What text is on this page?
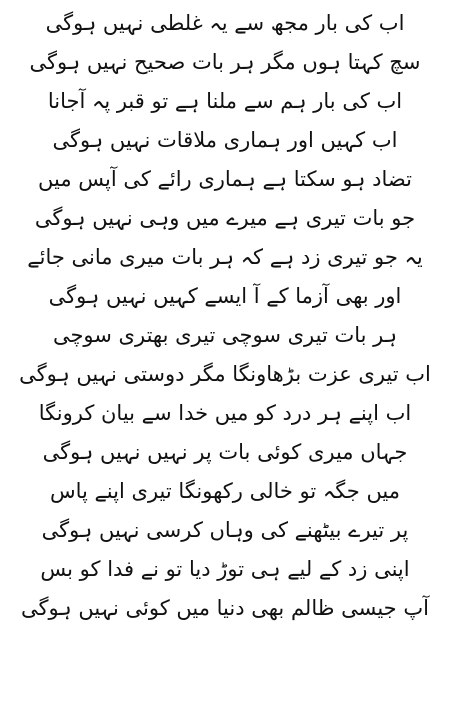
اب کی بار مجھ سے یہ غلطی نہیں ہوگی
سچ کہتا ہوں مگر ہر بات صحیح نہیں ہوگی
اب کی بار ہم سے ملنا ہے تو قبر پہ آجانا
اب کہیں اور ہماری ملاقات نہیں ہوگی
تضاد ہو سکتا ہے ہماری رائے کی آپس میں
جو بات تیری ہے میرے میں وہی نہیں ہوگی
یہ جو تیری زد ہے کہ ہر بات میری مانی جائے
اور بھی آزما کے آ ایسے کہیں نہیں ہوگی
ہر بات تیری سوچی تیری بھتری سوچی
اب تیری عزت بڑھاونگا مگر دوستی نہیں ہوگی
اب اپنے ہر درد کو میں خدا سے بیان کرونگا
جہاں میری کوئی بات پر نہیں نہیں ہوگی
میں جگہ تو خالی رکھونگا تیری اپنے پاس
پر تیرے بیٹھنے کی وہاں کرسی نہیں ہوگی
اپنی زد کے لیے ہی توڑ دیا تو نے فدا کو بس
آپ جیسی ظالم بھی دنیا میں کوئی نہیں ہوگی
